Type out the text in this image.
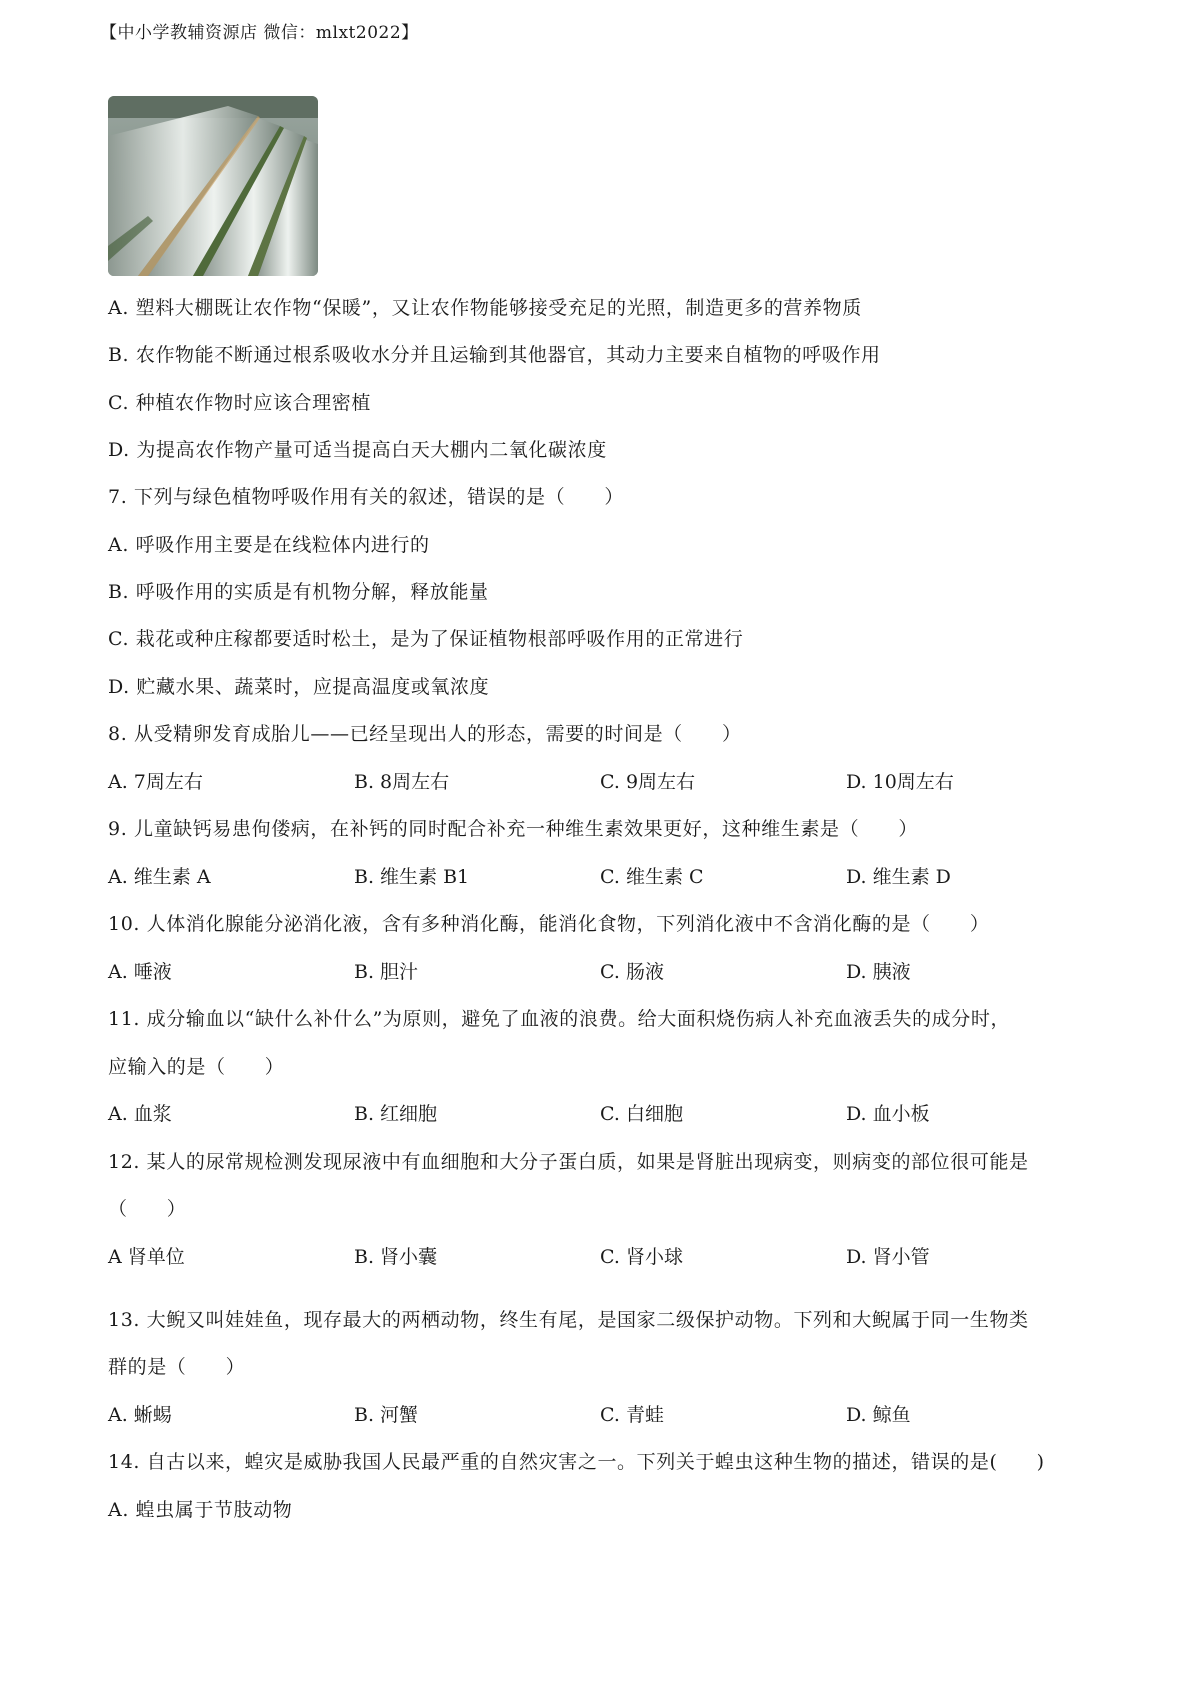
【中小学教辅资源店 微信：mlxt2022】
A. 塑料大棚既让农作物“保暖”，又让农作物能够接受充足的光照，制造更多的营养物质
B. 农作物能不断通过根系吸收水分并且运输到其他器官，其动力主要来自植物的呼吸作用
C. 种植农作物时应该合理密植
D. 为提高农作物产量可适当提高白天大棚内二氧化碳浓度
7. 下列与绿色植物呼吸作用有关的叙述，错误的是（　　）
A. 呼吸作用主要是在线粒体内进行的
B. 呼吸作用的实质是有机物分解，释放能量
C. 栽花或种庄稼都要适时松土，是为了保证植物根部呼吸作用的正常进行
D. 贮藏水果、蔬菜时，应提高温度或氧浓度
8. 从受精卵发育成胎儿——已经呈现出人的形态，需要的时间是（　　）
A. 7周左右	B. 8周左右	C. 9周左右	D. 10周左右
9. 儿童缺钙易患佝偻病，在补钙的同时配合补充一种维生素效果更好，这种维生素是（　　）
A. 维生素 A	B. 维生素 B1	C. 维生素 C	D. 维生素 D
10. 人体消化腺能分泌消化液，含有多种消化酶，能消化食物，下列消化液中不含消化酶的是（　　）
A. 唾液	B. 胆汁	C. 肠液	D. 胰液
11. 成分输血以“缺什么补什么”为原则，避免了血液的浪费。给大面积烧伤病人补充血液丢失的成分时，
应输入的是（　　）
A. 血浆	B. 红细胞	C. 白细胞	D. 血小板
12. 某人的尿常规检测发现尿液中有血细胞和大分子蛋白质，如果是肾脏出现病变，则病变的部位很可能是
（　　）
A 肾单位	B. 肾小囊	C. 肾小球	D. 肾小管
13. 大鲵又叫娃娃鱼，现存最大的两栖动物，终生有尾，是国家二级保护动物。下列和大鲵属于同一生物类
群的是（　　）
A. 蜥蜴	B. 河蟹	C. 青蛙	D. 鲸鱼
14. 自古以来，蝗灾是威胁我国人民最严重的自然灾害之一。下列关于蝗虫这种生物的描述，错误的是(　　)
A. 蝗虫属于节肢动物
